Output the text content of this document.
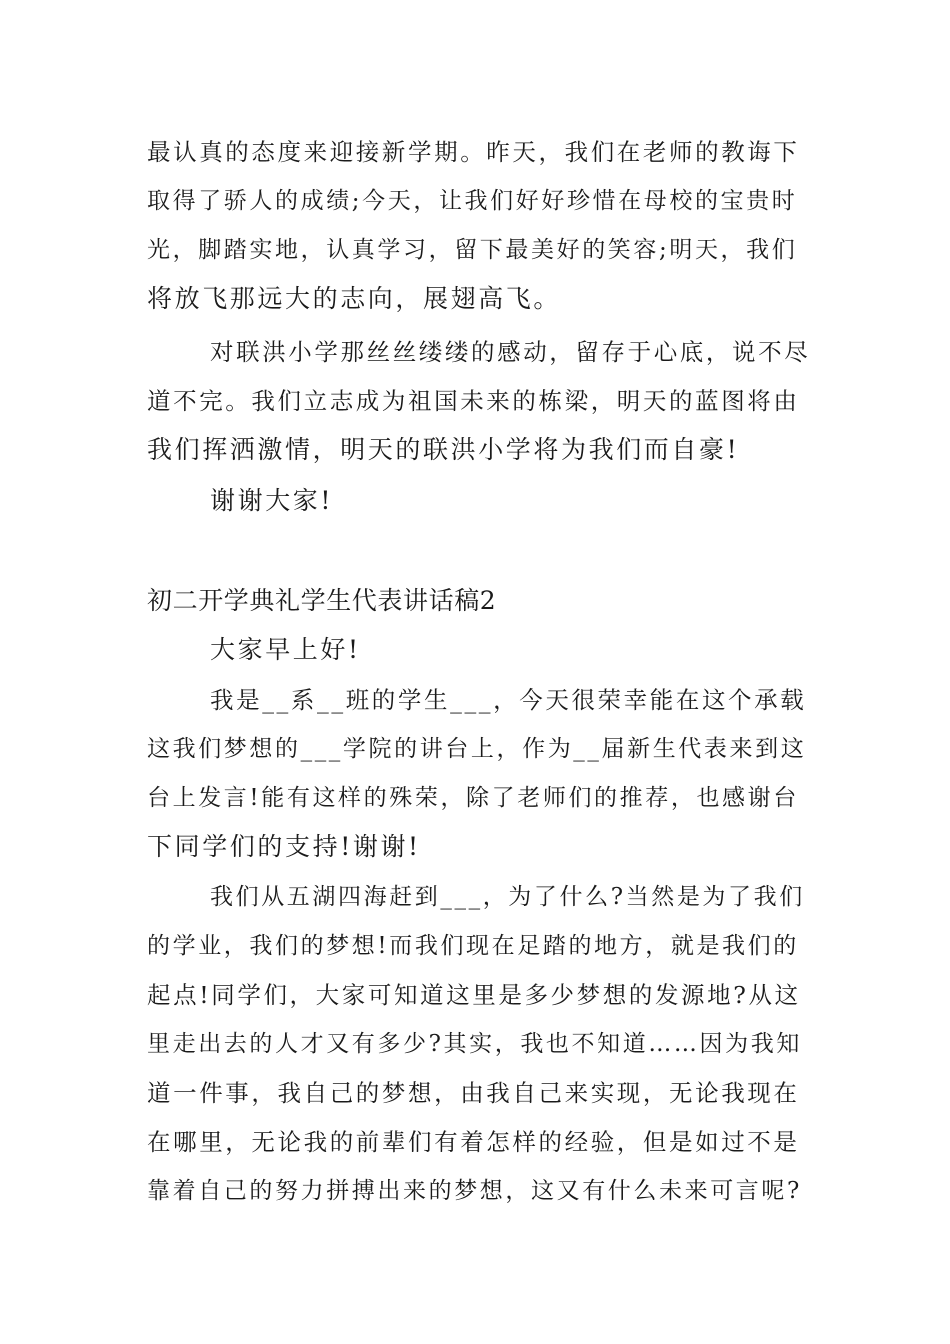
最认真的态度来迎接新学期。昨天，我们在老师的教诲下
取得了骄人的成绩;今天，让我们好好珍惜在母校的宝贵时
光，脚踏实地，认真学习，留下最美好的笑容;明天，我们
将放飞那远大的志向，展翅高飞。
对联洪小学那丝丝缕缕的感动，留存于心底，说不尽
道不完。我们立志成为祖国未来的栋梁，明天的蓝图将由
我们挥洒激情，明天的联洪小学将为我们而自豪!
谢谢大家!
初二开学典礼学生代表讲话稿2
大家早上好!
我是__系__班的学生___，今天很荣幸能在这个承载
这我们梦想的___学院的讲台上，作为__届新生代表来到这
台上发言!能有这样的殊荣，除了老师们的推荐，也感谢台
下同学们的支持!谢谢!
我们从五湖四海赶到___，为了什么?当然是为了我们
的学业，我们的梦想!而我们现在足踏的地方，就是我们的
起点!同学们，大家可知道这里是多少梦想的发源地?从这
里走出去的人才又有多少?其实，我也不知道……因为我知
道一件事，我自己的梦想，由我自己来实现，无论我现在
在哪里，无论我的前辈们有着怎样的经验，但是如过不是
靠着自己的努力拼搏出来的梦想，这又有什么未来可言呢?
